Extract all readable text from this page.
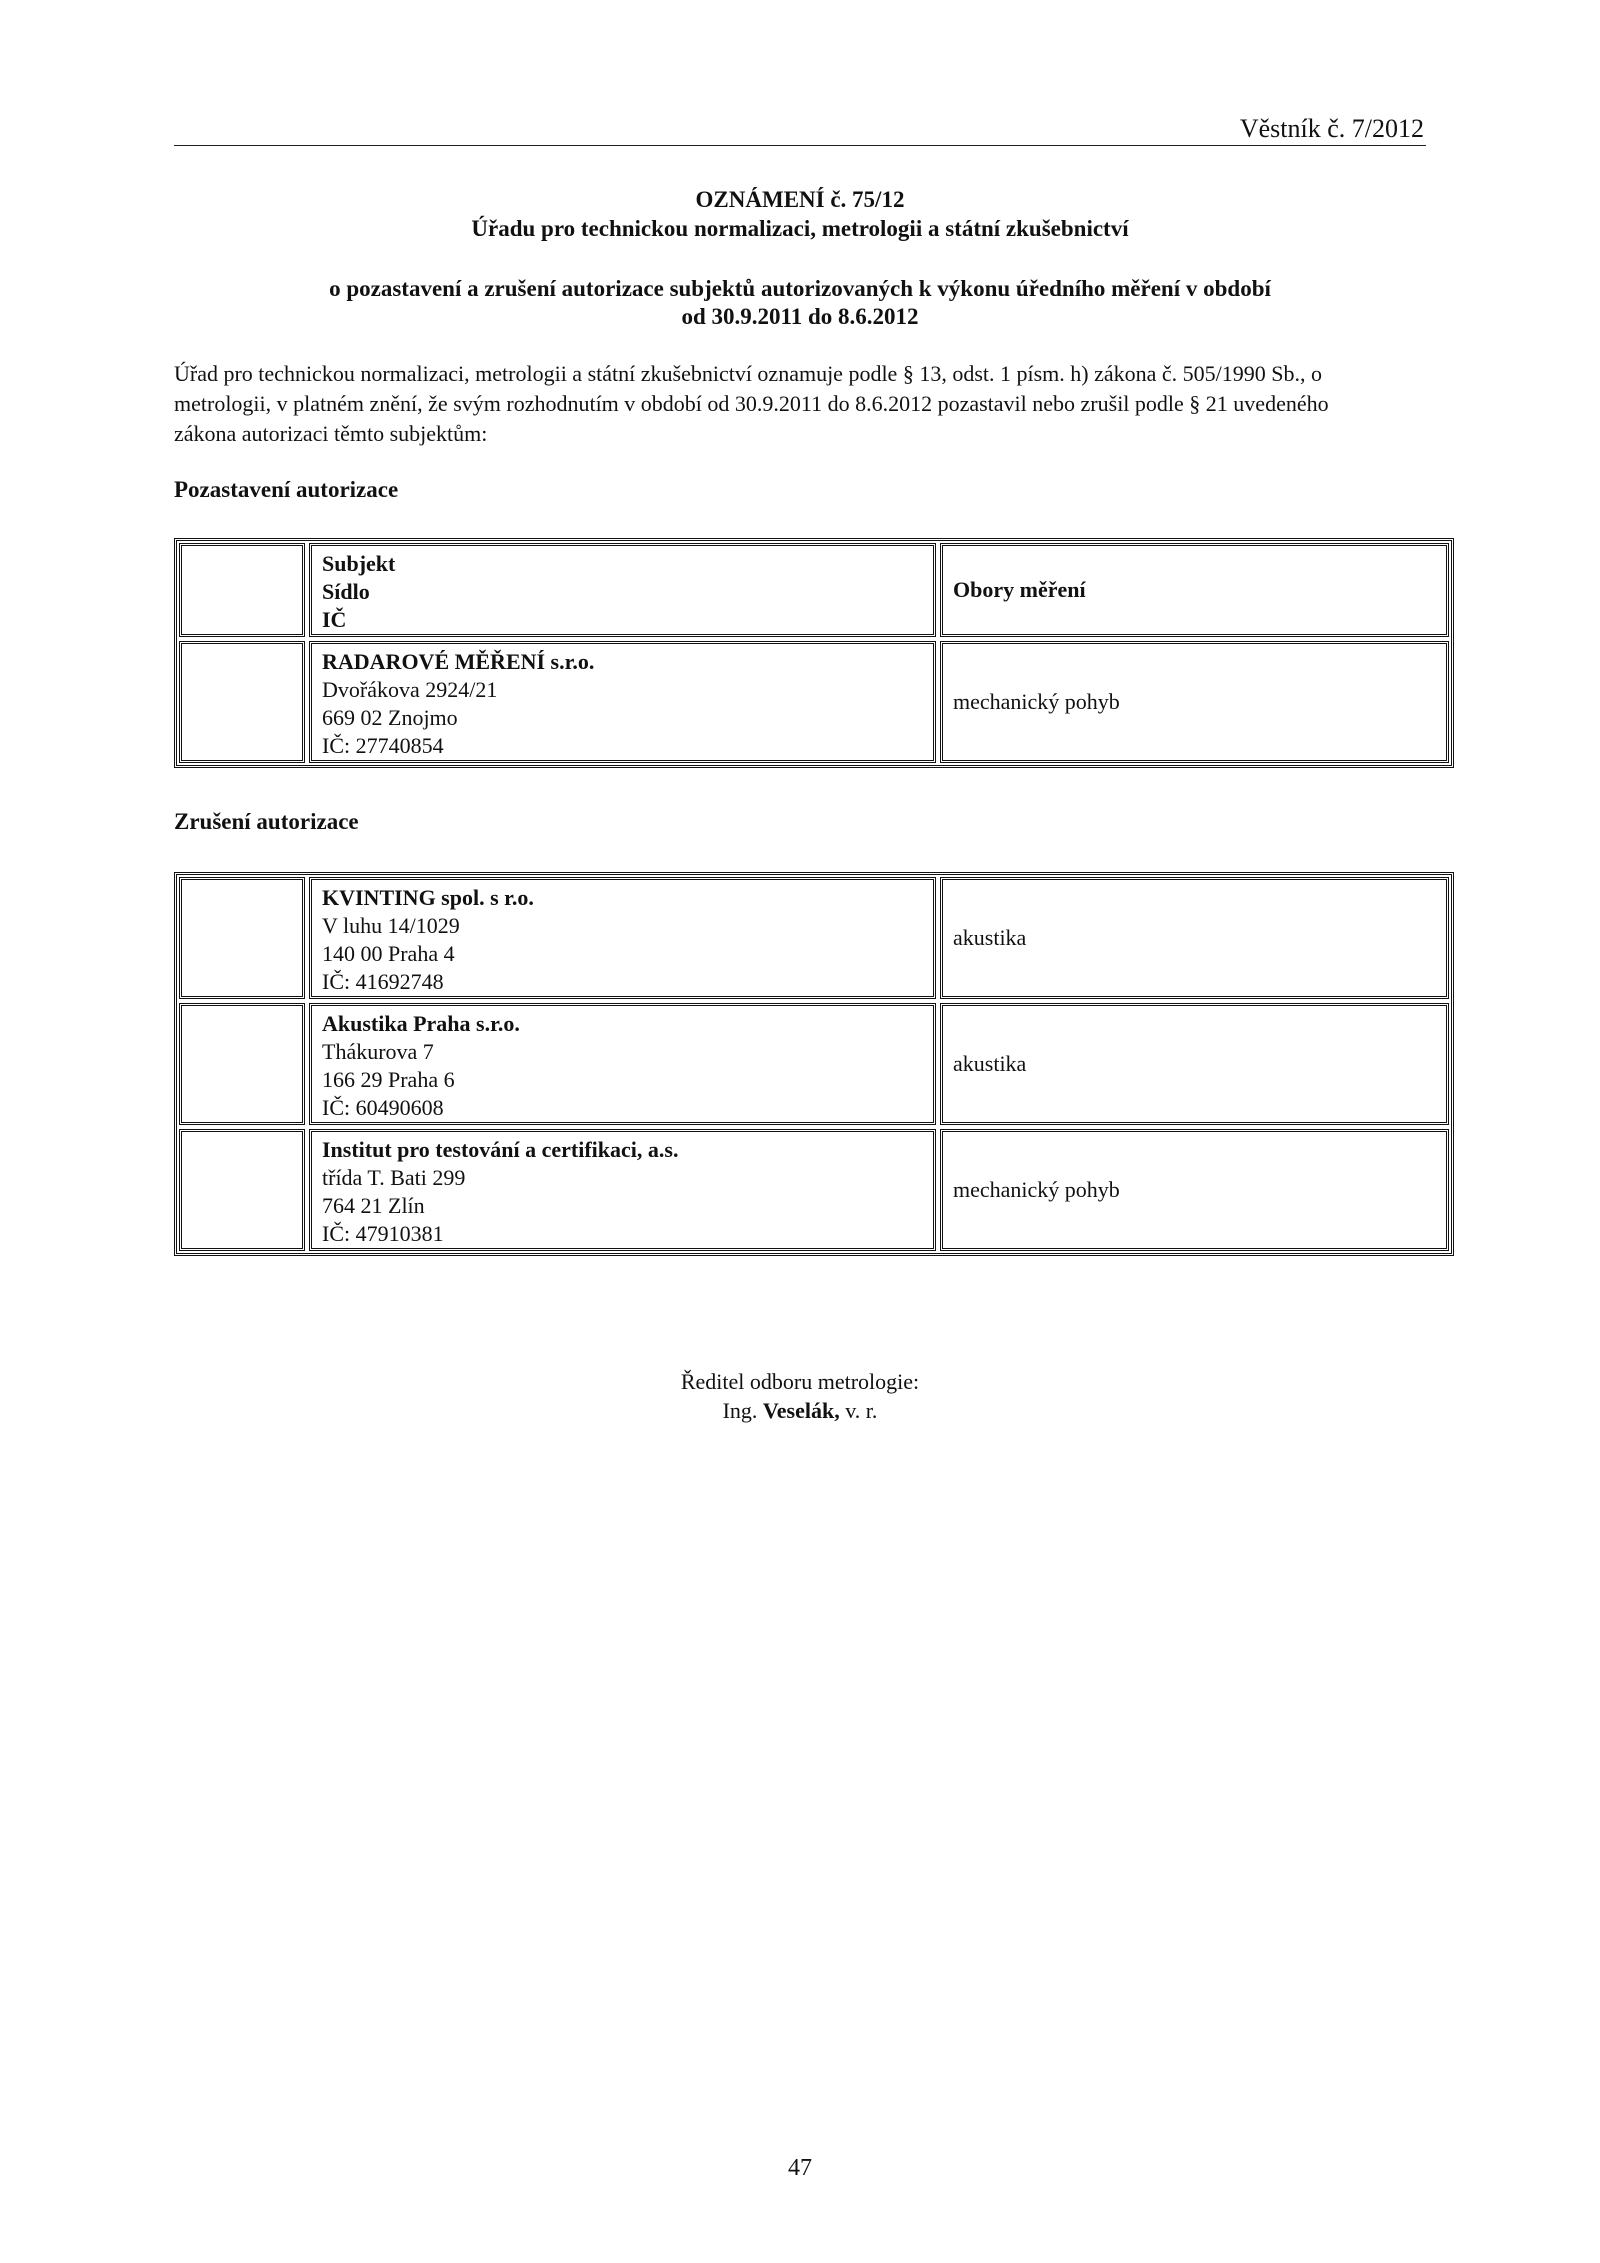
Věstník č. 7/2012
OZNÁMENÍ č. 75/12
Úřadu pro technickou normalizaci, metrologii a státní zkušebnictví
o pozastavení a zrušení autorizace subjektů autorizovaných k výkonu úředního měření v období
od 30.9.2011 do 8.6.2012
Úřad pro technickou normalizaci, metrologii a státní zkušebnictví oznamuje podle § 13, odst. 1 písm. h) zákona č. 505/1990 Sb., o
metrologii, v platném znění, že svým rozhodnutím v období od 30.9.2011 do 8.6.2012 pozastavil nebo zrušil podle § 21 uvedeného
zákona autorizaci těmto subjektům:
Pozastavení autorizace
Subjekt
Sídlo
IČ
Obory měření
RADAROVÉ MĚŘENÍ s.r.o.
Dvořákova 2924/21
669 02 Znojmo
IČ: 27740854
mechanický pohyb
Zrušení autorizace
KVINTING spol. s r.o.
V luhu 14/1029
140 00 Praha 4
IČ: 41692748
akustika
Akustika Praha s.r.o.
Thákurova 7
166 29 Praha 6
IČ: 60490608
akustika
Institut pro testování a certifikaci, a.s.
třída T. Bati 299
764 21 Zlín
IČ: 47910381
mechanický pohyb
Ředitel odboru metrologie:
Ing. Veselák, v. r.
47
